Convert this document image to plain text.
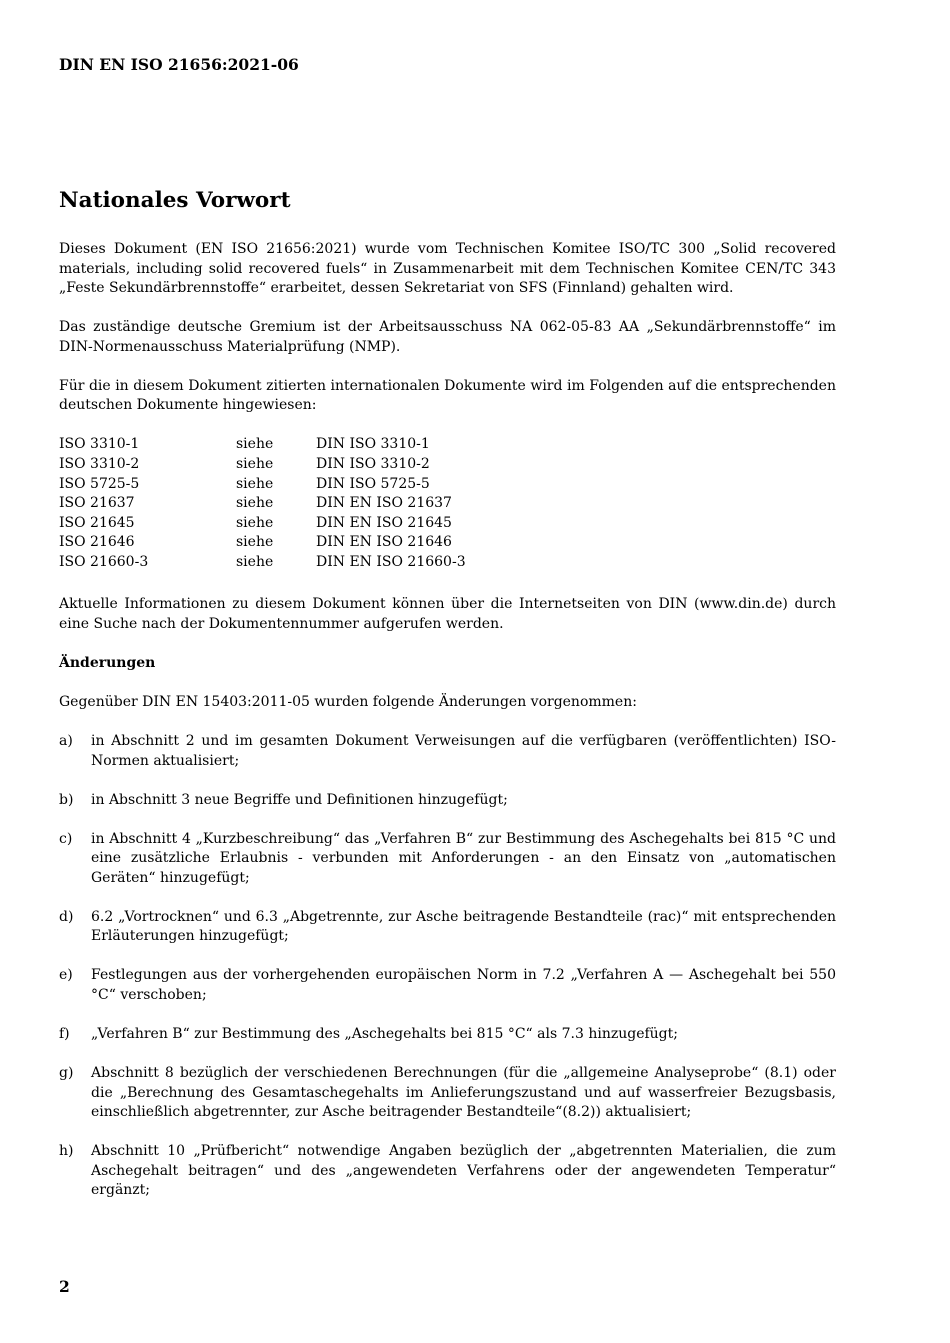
DIN EN ISO 21656:2021-06
Nationales Vorwort

Dieses Dokument (EN ISO 21656:2021) wurde vom Technischen Komitee ISO/TC 300 „Solid recovered materials, including solid recovered fuels“ in Zusammenarbeit mit dem Technischen Komitee CEN/TC 343 „Feste Sekundärbrennstoffe“ erarbeitet, dessen Sekretariat von SFS (Finnland) gehalten wird.

Das zuständige deutsche Gremium ist der Arbeitsausschuss NA 062-05-83 AA „Sekundärbrennstoffe“ im DIN-Normenausschuss Materialprüfung (NMP).

Für die in diesem Dokument zitierten internationalen Dokumente wird im Folgenden auf die entsprechenden deutschen Dokumente hingewiesen:

ISO 3310-1	siehe	DIN ISO 3310-1
ISO 3310-2	siehe	DIN ISO 3310-2
ISO 5725-5	siehe	DIN ISO 5725-5
ISO 21637	siehe	DIN EN ISO 21637
ISO 21645	siehe	DIN EN ISO 21645
ISO 21646	siehe	DIN EN ISO 21646
ISO 21660-3	siehe	DIN EN ISO 21660-3

Aktuelle Informationen zu diesem Dokument können über die Internetseiten von DIN (www.din.de) durch eine Suche nach der Dokumentennummer aufgerufen werden.

Änderungen

Gegenüber DIN EN 15403:2011-05 wurden folgende Änderungen vorgenommen:

a)	in Abschnitt 2 und im gesamten Dokument Verweisungen auf die verfügbaren (veröffentlichten) ISO-Normen aktualisiert;
b)	in Abschnitt 3 neue Begriffe und Definitionen hinzugefügt;
c)	in Abschnitt 4 „Kurzbeschreibung“ das „Verfahren B“ zur Bestimmung des Aschegehalts bei 815 °C und eine zusätzliche Erlaubnis - verbunden mit Anforderungen - an den Einsatz von „automatischen Geräten“ hinzugefügt;
d)	6.2 „Vortrocknen“ und 6.3 „Abgetrennte, zur Asche beitragende Bestandteile (rac)“ mit entsprechenden Erläuterungen hinzugefügt;
e)	Festlegungen aus der vorhergehenden europäischen Norm in 7.2 „Verfahren A — Aschegehalt bei 550 °C“ verschoben;
f)	„Verfahren B“ zur Bestimmung des „Aschegehalts bei 815 °C“ als 7.3 hinzugefügt;
g)	Abschnitt 8 bezüglich der verschiedenen Berechnungen (für die „allgemeine Analyseprobe“ (8.1) oder die „Berechnung des Gesamtaschegehalts im Anlieferungszustand und auf wasserfreier Bezugsbasis, einschließlich abgetrennter, zur Asche beitragender Bestandteile“(8.2)) aktualisiert;
h)	Abschnitt 10 „Prüfbericht“ notwendige Angaben bezüglich der „abgetrennten Materialien, die zum Aschegehalt beitragen“ und des „angewendeten Verfahrens oder der angewendeten Temperatur“ ergänzt;
2
